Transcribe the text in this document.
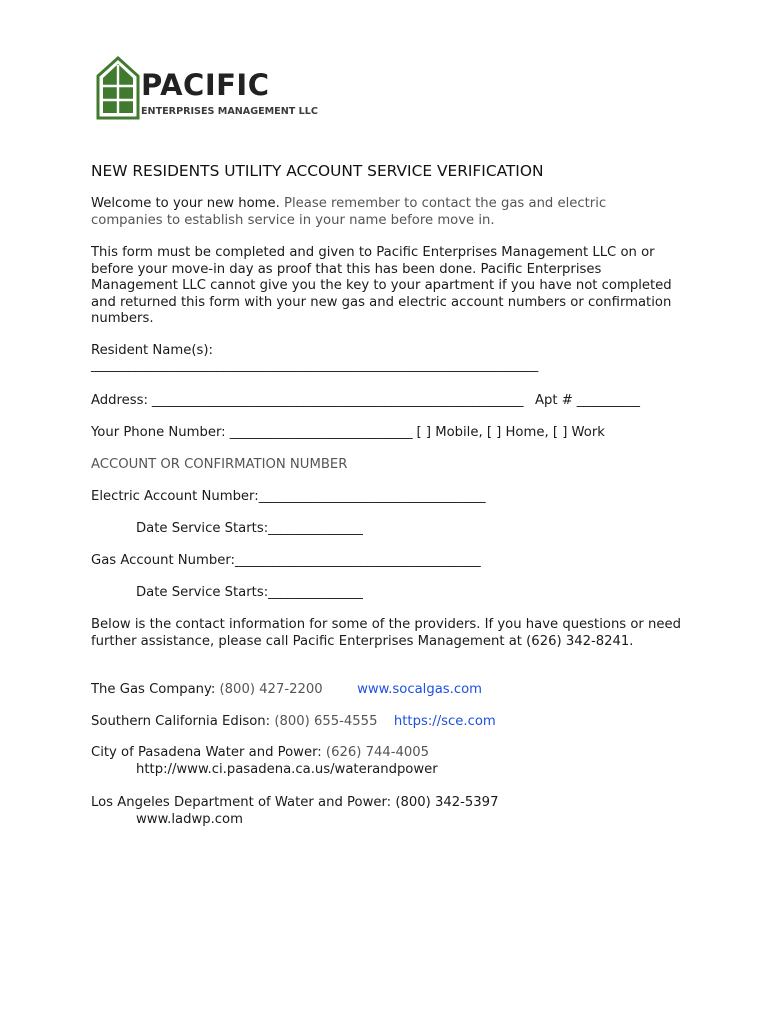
PACIFIC
ENTERPRISES MANAGEMENT LLC
NEW RESIDENTS UTILITY ACCOUNT SERVICE VERIFICATION
Welcome to your new home. Please remember to contact the gas and electric companies to establish service in your name before move in.
This form must be completed and given to Pacific Enterprises Management LLC on or before your move-in day as proof that this has been done. Pacific Enterprises Management LLC cannot give you the key to your apartment if you have not completed and returned this form with your new gas and electric account numbers or confirmation numbers.
Resident Name(s):
_______________________________________________________________________
Address: ___________________________________________________________ Apt # __________
Your Phone Number: _____________________________ [ ] Mobile, [ ] Home, [ ] Work
ACCOUNT OR CONFIRMATION NUMBER
Electric Account Number:____________________________________
Date Service Starts:_______________
Gas Account Number:_______________________________________
Date Service Starts:_______________
Below is the contact information for some of the providers. If you have questions or need further assistance, please call Pacific Enterprises Management at (626) 342-8241.
The Gas Company: (800) 427-2200	www.socalgas.com
Southern California Edison: (800) 655-4555 https://sce.com
City of Pasadena Water and Power: (626) 744-4005
http://www.ci.pasadena.ca.us/waterandpower
Los Angeles Department of Water and Power: (800) 342-5397
www.ladwp.com
